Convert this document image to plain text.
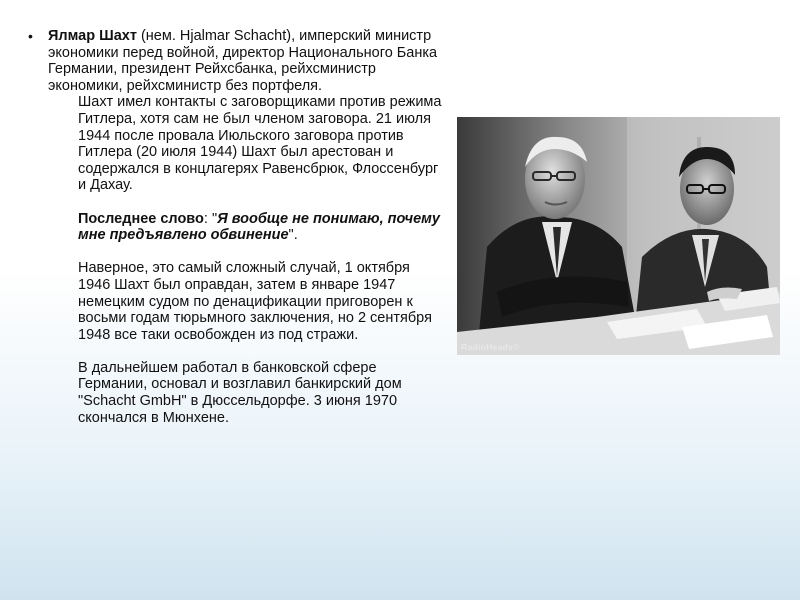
• Ялмар Шахт (нем. Hjalmar Schacht), имперский министр экономики перед войной, директор Национального Банка Германии, президент Рейхсбанка, рейхсминистр экономики, рейхсминистр без портфеля.

Шахт имел контакты с заговорщиками против режима Гитлера, хотя сам не был членом заговора. 21 июля 1944 после провала Июльского заговора против Гитлера (20 июля 1944) Шахт был арестован и содержался в концлагерях Равенсбрюк, Флоссенбург и Дахау.

Последнее слово: "Я вообще не понимаю, почему мне предъявлено обвинение".

Наверное, это самый сложный случай, 1 октября 1946 Шахт был оправдан, затем в январе 1947 немецким судом по денацификации приговорен к восьми годам тюрьмного заключения, но 2 сентября 1948 все таки освобожден из под стражи.

В дальнейшем работал в банковской сфере Германии, основал и возглавил банкирский дом "Schacht GmbH" в Дюссельдорфе. 3 июня 1970 скончался в Мюнхене.

RadioHeads©
